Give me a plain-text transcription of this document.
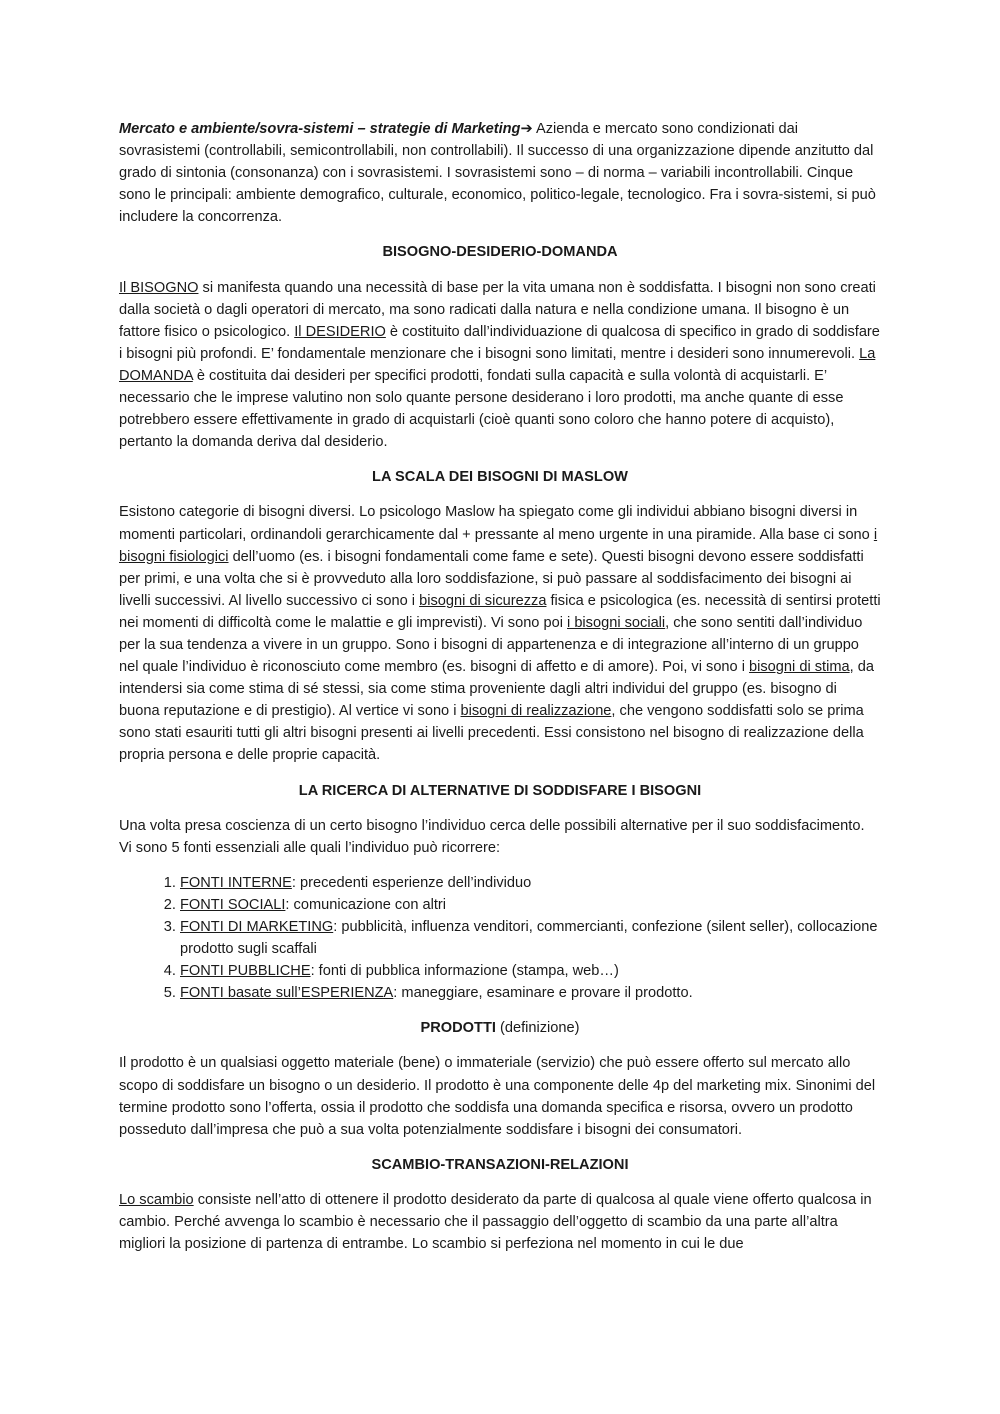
Mercato e ambiente/sovra-sistemi – strategie di Marketing➔ Azienda e mercato sono condizionati dai sovrasistemi (controllabili, semicontrollabili, non controllabili). Il successo di una organizzazione dipende anzitutto dal grado di sintonia (consonanza) con i sovrasistemi. I sovrasistemi sono – di norma – variabili incontrollabili. Cinque sono le principali: ambiente demografico, culturale, economico, politico-legale, tecnologico. Fra i sovra-sistemi, si può includere la concorrenza.

BISOGNO-DESIDERIO-DOMANDA

Il BISOGNO si manifesta quando una necessità di base per la vita umana non è soddisfatta. I bisogni non sono creati dalla società o dagli operatori di mercato, ma sono radicati dalla natura e nella condizione umana. Il bisogno è un fattore fisico o psicologico. Il DESIDERIO è costituito dall’individuazione di qualcosa di specifico in grado di soddisfare i bisogni più profondi. E’ fondamentale menzionare che i bisogni sono limitati, mentre i desideri sono innumerevoli. La DOMANDA è costituita dai desideri per specifici prodotti, fondati sulla capacità e sulla volontà di acquistarli. E’ necessario che le imprese valutino non solo quante persone desiderano i loro prodotti, ma anche quante di esse potrebbero essere effettivamente in grado di acquistarli (cioè quanti sono coloro che hanno potere di acquisto), pertanto la domanda deriva dal desiderio.

LA SCALA DEI BISOGNI DI MASLOW

Esistono categorie di bisogni diversi. Lo psicologo Maslow ha spiegato come gli individui abbiano bisogni diversi in momenti particolari, ordinandoli gerarchicamente dal + pressante al meno urgente in una piramide. Alla base ci sono i bisogni fisiologici dell’uomo (es. i bisogni fondamentali come fame e sete). Questi bisogni devono essere soddisfatti per primi, e una volta che si è provveduto alla loro soddisfazione, si può passare al soddisfacimento dei bisogni ai livelli successivi. Al livello successivo ci sono i bisogni di sicurezza fisica e psicologica (es. necessità di sentirsi protetti nei momenti di difficoltà come le malattie e gli imprevisti). Vi sono poi i bisogni sociali, che sono sentiti dall’individuo per la sua tendenza a vivere in un gruppo. Sono i bisogni di appartenenza e di integrazione all’interno di un gruppo nel quale l’individuo è riconosciuto come membro (es. bisogni di affetto e di amore). Poi, vi sono i bisogni di stima, da intendersi sia come stima di sé stessi, sia come stima proveniente dagli altri individui del gruppo (es. bisogno di buona reputazione e di prestigio). Al vertice vi sono i bisogni di realizzazione, che vengono soddisfatti solo se prima sono stati esauriti tutti gli altri bisogni presenti ai livelli precedenti. Essi consistono nel bisogno di realizzazione della propria persona e delle proprie capacità.

LA RICERCA DI ALTERNATIVE DI SODDISFARE I BISOGNI

Una volta presa coscienza di un certo bisogno l’individuo cerca delle possibili alternative per il suo soddisfacimento. Vi sono 5 fonti essenziali alle quali l’individuo può ricorrere:

1. FONTI INTERNE: precedenti esperienze dell’individuo
2. FONTI SOCIALI: comunicazione con altri
3. FONTI DI MARKETING: pubblicità, influenza venditori, commercianti, confezione (silent seller), collocazione prodotto sugli scaffali
4. FONTI PUBBLICHE: fonti di pubblica informazione (stampa, web…)
5. FONTI basate sull’ESPERIENZA: maneggiare, esaminare e provare il prodotto.
PRODOTTI (definizione)

Il prodotto è un qualsiasi oggetto materiale (bene) o immateriale (servizio) che può essere offerto sul mercato allo scopo di soddisfare un bisogno o un desiderio. Il prodotto è una componente delle 4p del marketing mix. Sinonimi del termine prodotto sono l’offerta, ossia il prodotto che soddisfa una domanda specifica e risorsa, ovvero un prodotto posseduto dall’impresa che può a sua volta potenzialmente soddisfare i bisogni dei consumatori.

SCAMBIO-TRANSAZIONI-RELAZIONI

Lo scambio consiste nell’atto di ottenere il prodotto desiderato da parte di qualcosa al quale viene offerto qualcosa in cambio. Perché avvenga lo scambio è necessario che il passaggio dell’oggetto di scambio da una parte all’altra migliori la posizione di partenza di entrambe. Lo scambio si perfeziona nel momento in cui le due
